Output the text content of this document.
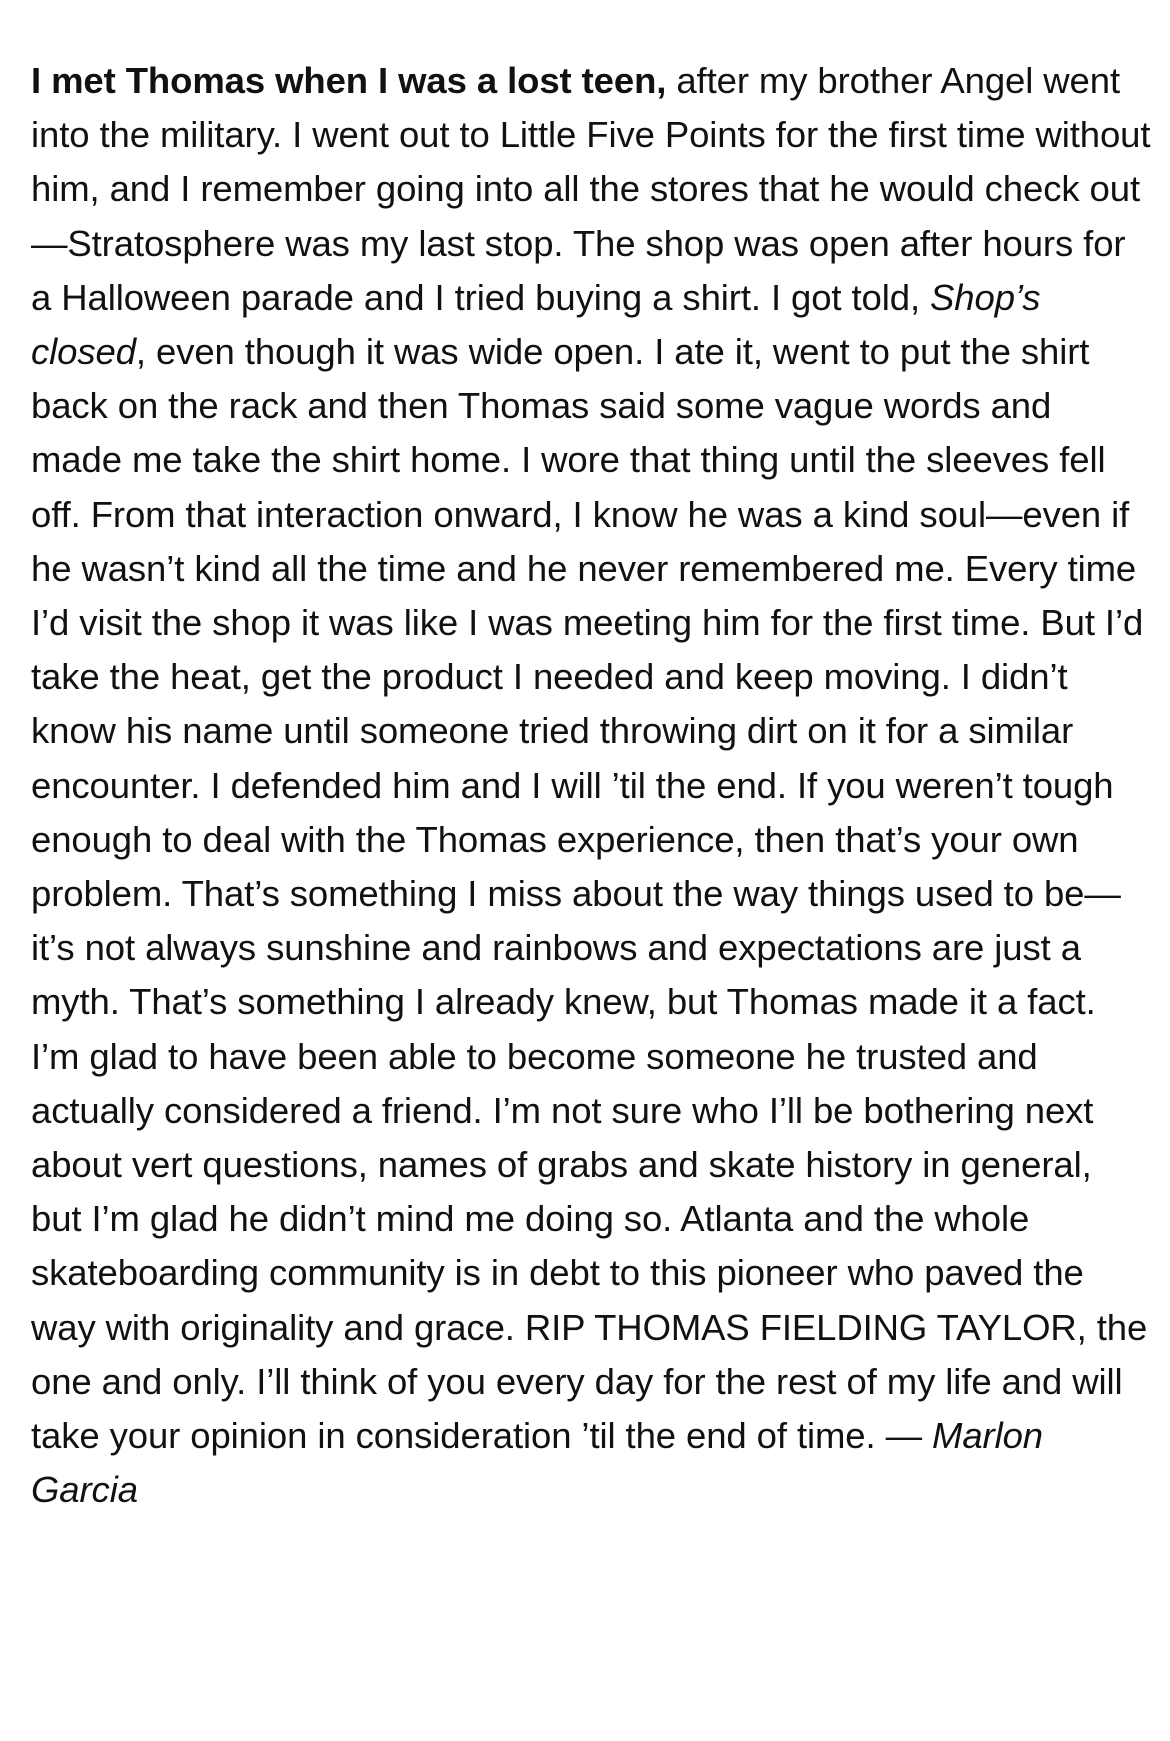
I met Thomas when I was a lost teen, after my brother Angel went into the military. I went out to Little Five Points for the first time without him, and I remember going into all the stores that he would check out—Stratosphere was my last stop. The shop was open after hours for a Halloween parade and I tried buying a shirt. I got told, Shop’s closed, even though it was wide open. I ate it, went to put the shirt back on the rack and then Thomas said some vague words and made me take the shirt home. I wore that thing until the sleeves fell off. From that interaction onward, I know he was a kind soul—even if he wasn’t kind all the time and he never remembered me. Every time I’d visit the shop it was like I was meeting him for the first time. But I’d take the heat, get the product I needed and keep moving. I didn’t know his name until someone tried throwing dirt on it for a similar encounter. I defended him and I will ’til the end. If you weren’t tough enough to deal with the Thomas experience, then that’s your own problem. That’s something I miss about the way things used to be—it’s not always sunshine and rainbows and expectations are just a myth. That’s something I already knew, but Thomas made it a fact. I’m glad to have been able to become someone he trusted and actually considered a friend. I’m not sure who I’ll be bothering next about vert questions, names of grabs and skate history in general, but I’m glad he didn’t mind me doing so. Atlanta and the whole skateboarding community is in debt to this pioneer who paved the way with originality and grace. RIP THOMAS FIELDING TAYLOR, the one and only. I’ll think of you every day for the rest of my life and will take your opinion in consideration ’til the end of time. — Marlon Garcia
